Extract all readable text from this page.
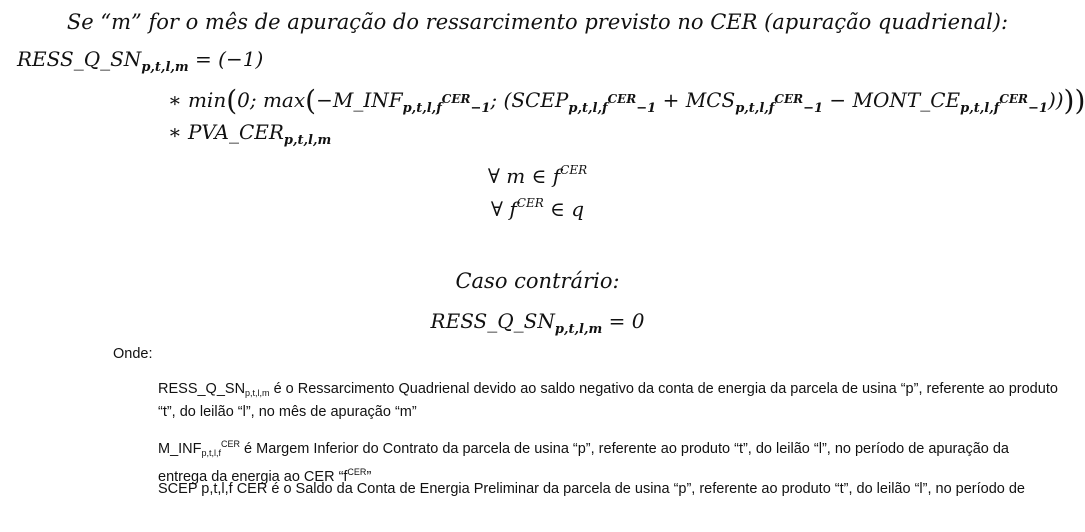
Se “m” for o mês de apuração do ressarcimento previsto no CER (apuração quadrienal):
$RESS\_Q\_SN_{p,t,l,m} = (-1)$
∗ min(0; $\max(-M\_INF_{p,t,l,f^{CER}-1}$; ($SCEP_{p,t,l,f^{CER}-1} + MCS_{p,t,l,f^{CER}-1}$ − $MONT\_CE_{p,t,l,f^{CER}-1}$))))
∗ $PVA\_CER_{p,t,l,m}$
∀ m ∈ $f^{CER}$
∀ $f^{CER}$ ∈ q
Caso contrário:
$RESS\_Q\_SN_{p,t,l,m} = 0$
Onde:
$RESS\_Q\_SN_{p,t,l,m}$ é o Ressarcimento Quadrienal devido ao saldo negativo da conta de energia da parcela de usina “p”, referente ao produto “t”, do leilão “l”, no mês de apuração “m”
$M\_INF_{p,t,l,f}^{CER}$ é Margem Inferior do Contrato da parcela de usina “p”, referente ao produto “t”, do leilão “l”, no período de apuração da entrega da energia ao CER “$f^{CER}$”
SCEP p,t,l,f CER é o Saldo da Conta de Energia Preliminar da parcela de usina “p”, referente ao produto “t”, do leilão “l”, no período de
